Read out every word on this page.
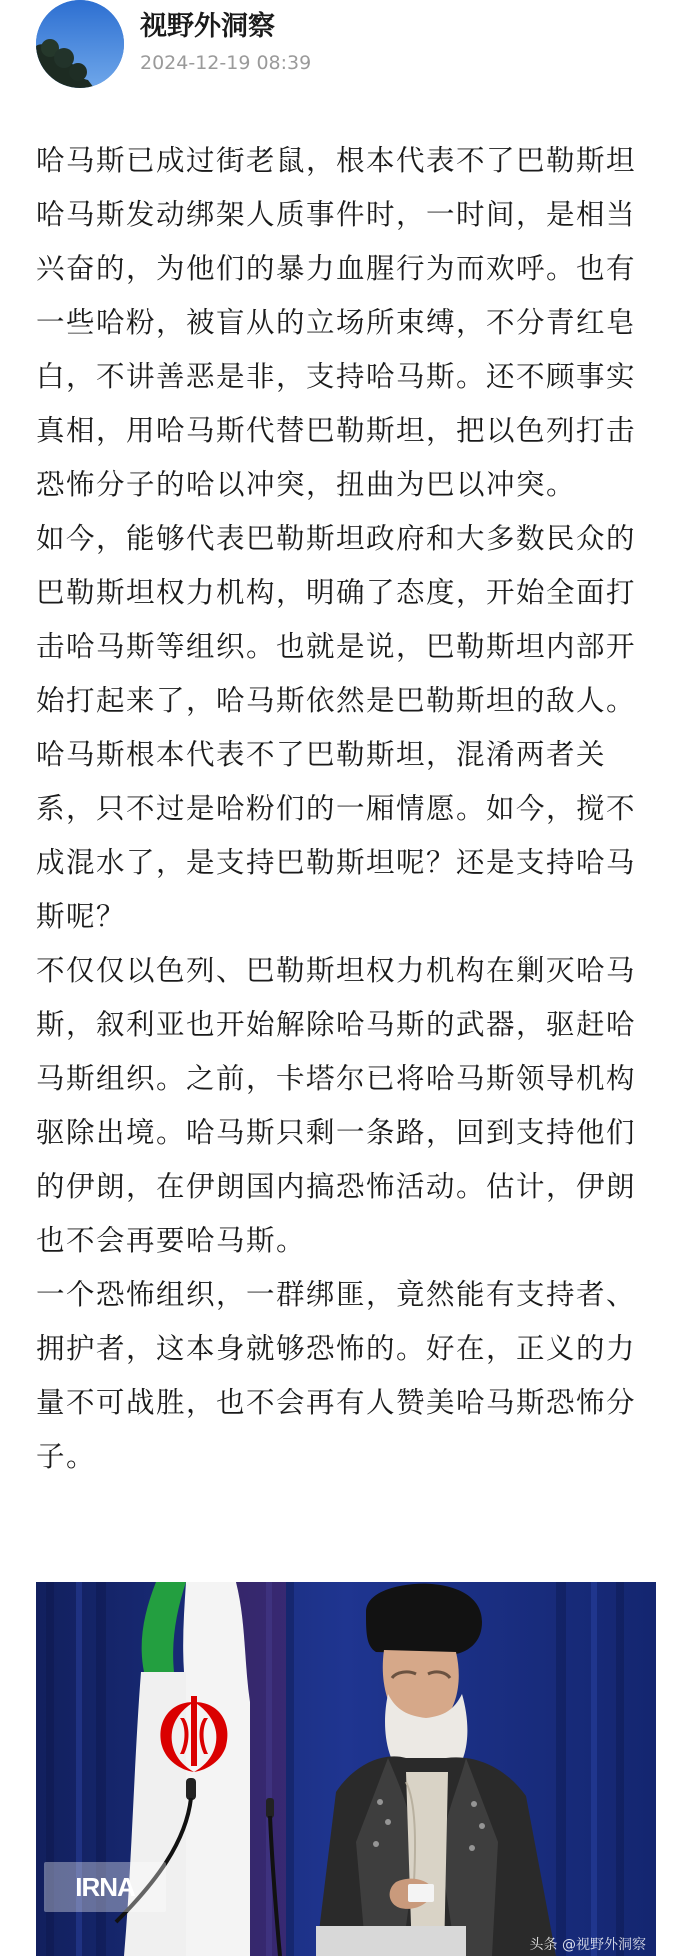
视野外洞察
2024-12-19 08:39

哈马斯已成过街老鼠，根本代表不了巴勒斯坦

哈马斯发动绑架人质事件时，一时间，是相当兴奋的，为他们的暴力血腥行为而欢呼。也有一些哈粉，被盲从的立场所束缚，不分青红皂白，不讲善恶是非，支持哈马斯。还不顾事实真相，用哈马斯代替巴勒斯坦，把以色列打击恐怖分子的哈以冲突，扭曲为巴以冲突。

如今，能够代表巴勒斯坦政府和大多数民众的巴勒斯坦权力机构，明确了态度，开始全面打击哈马斯等组织。也就是说，巴勒斯坦内部开始打起来了，哈马斯依然是巴勒斯坦的敌人。

哈马斯根本代表不了巴勒斯坦，混淆两者关系，只不过是哈粉们的一厢情愿。如今，搅不成混水了，是支持巴勒斯坦呢？还是支持哈马斯呢？

不仅仅以色列、巴勒斯坦权力机构在剿灭哈马斯，叙利亚也开始解除哈马斯的武器，驱赶哈马斯组织。之前，卡塔尔已将哈马斯领导机构驱除出境。哈马斯只剩一条路，回到支持他们的伊朗，在伊朗国内搞恐怖活动。估计，伊朗也不会再要哈马斯。

一个恐怖组织，一群绑匪，竟然能有支持者、拥护者，这本身就够恐怖的。好在，正义的力量不可战胜，也不会再有人赞美哈马斯恐怖分子。

IRNA
头条 @视野外洞察
